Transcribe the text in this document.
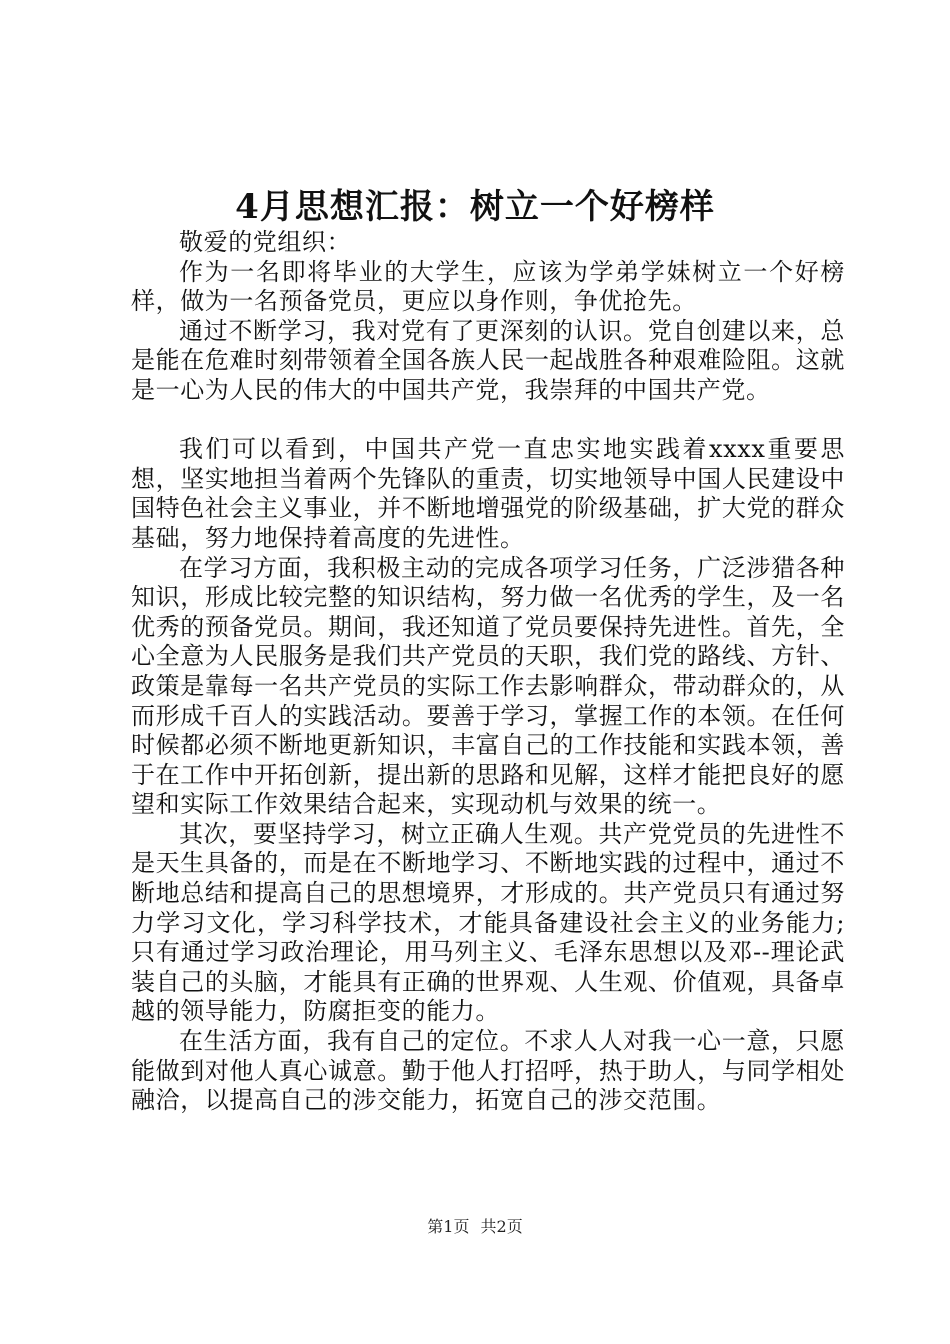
4月思想汇报：树立一个好榜样

敬爱的党组织：

作为一名即将毕业的大学生，应该为学弟学妹树立一个好榜样，做为一名预备党员，更应以身作则，争优抢先。

通过不断学习，我对党有了更深刻的认识。党自创建以来，总是能在危难时刻带领着全国各族人民一起战胜各种艰难险阻。这就是一心为人民的伟大的中国共产党，我崇拜的中国共产党。

我们可以看到，中国共产党一直忠实地实践着xxxx重要思想，坚实地担当着两个先锋队的重责，切实地领导中国人民建设中国特色社会主义事业，并不断地增强党的阶级基础，扩大党的群众基础，努力地保持着高度的先进性。

在学习方面，我积极主动的完成各项学习任务，广泛涉猎各种知识，形成比较完整的知识结构，努力做一名优秀的学生，及一名优秀的预备党员。期间，我还知道了党员要保持先进性。首先，全心全意为人民服务是我们共产党员的天职，我们党的路线、方针、政策是靠每一名共产党员的实际工作去影响群众，带动群众的，从而形成千百人的实践活动。要善于学习，掌握工作的本领。在任何时候都必须不断地更新知识，丰富自己的工作技能和实践本领，善于在工作中开拓创新，提出新的思路和见解，这样才能把良好的愿望和实际工作效果结合起来，实现动机与效果的统一。

其次，要坚持学习，树立正确人生观。共产党党员的先进性不是天生具备的，而是在不断地学习、不断地实践的过程中，通过不断地总结和提高自己的思想境界，才形成的。共产党员只有通过努力学习文化，学习科学技术，才能具备建设社会主义的业务能力;只有通过学习政治理论，用马列主义、毛泽东思想以及邓--理论武装自己的头脑，才能具有正确的世界观、人生观、价值观，具备卓越的领导能力，防腐拒变的能力。

在生活方面，我有自己的定位。不求人人对我一心一意，只愿能做到对他人真心诚意。勤于他人打招呼，热于助人，与同学相处融洽，以提高自己的涉交能力，拓宽自己的涉交范围。

第1页 共2页
